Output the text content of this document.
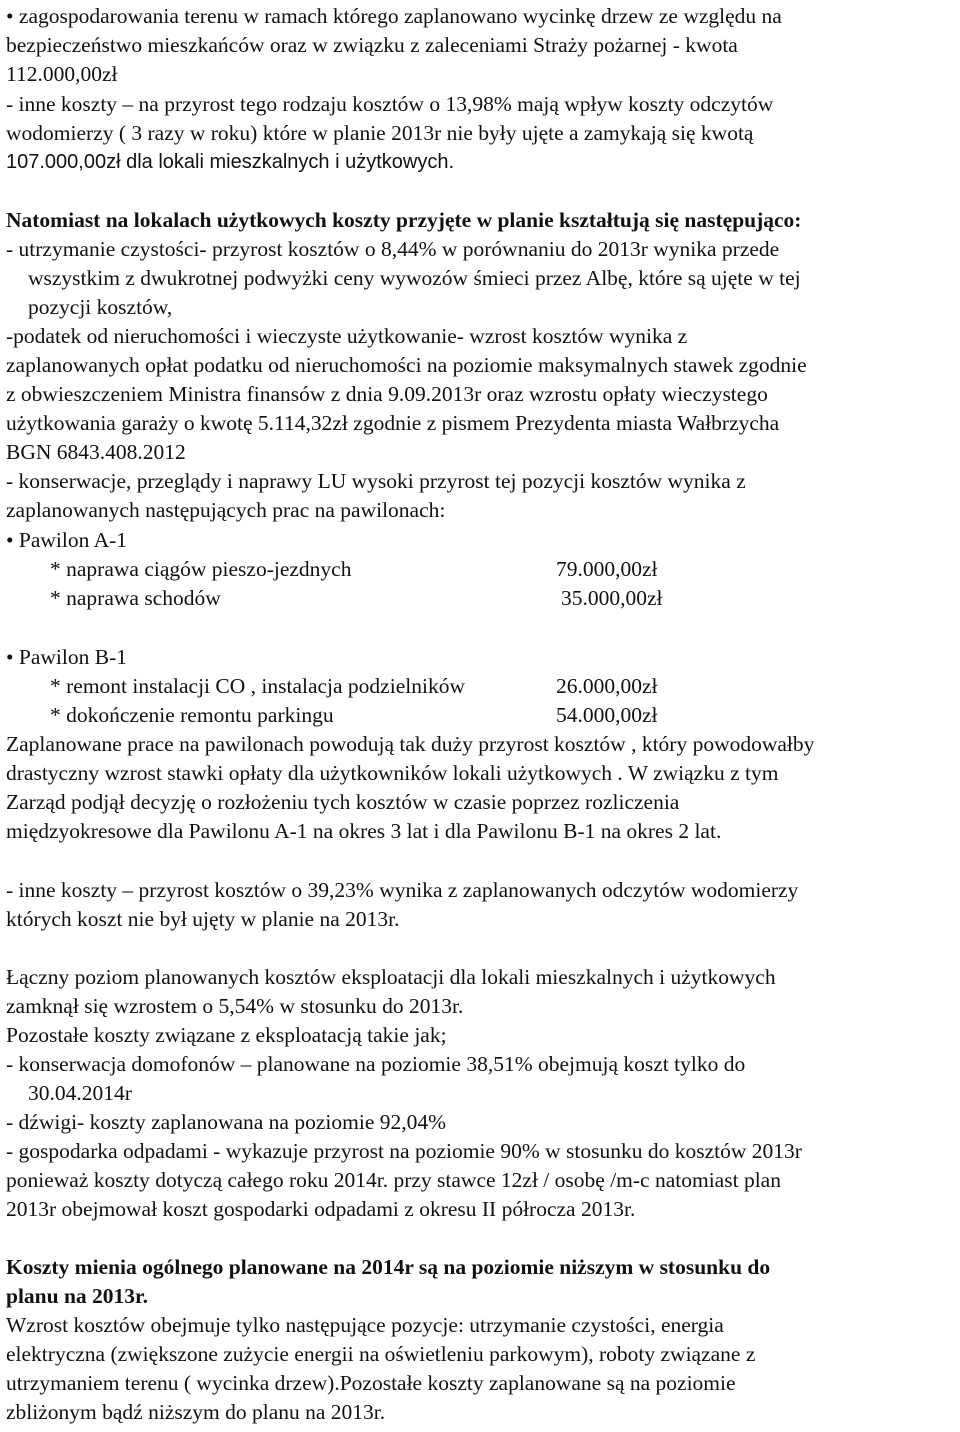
• zagospodarowania terenu w ramach którego zaplanowano wycinkę drzew ze względu na
bezpieczeństwo mieszkańców oraz w związku z zaleceniami Straży pożarnej - kwota
112.000,00zł
- inne koszty – na przyrost tego rodzaju kosztów o 13,98% mają wpływ koszty odczytów
wodomierzy ( 3 razy w roku) które w planie 2013r nie były ujęte a zamykają się kwotą
107.000,00zł dla lokali mieszkalnych i użytkowych.
Natomiast na lokalach użytkowych koszty przyjęte w planie kształtują się następująco:
- utrzymanie czystości- przyrost kosztów o 8,44% w porównaniu do 2013r wynika przede
wszystkim z dwukrotnej podwyżki ceny wywozów śmieci przez Albę, które są ujęte w tej
pozycji kosztów,
-podatek od nieruchomości i wieczyste użytkowanie- wzrost kosztów wynika z
zaplanowanych opłat podatku od nieruchomości na poziomie maksymalnych stawek zgodnie
z obwieszczeniem Ministra finansów z dnia 9.09.2013r oraz wzrostu opłaty wieczystego
użytkowania garaży o kwotę 5.114,32zł zgodnie z pismem Prezydenta miasta Wałbrzycha
BGN 6843.408.2012
- konserwacje, przeglądy i naprawy LU wysoki przyrost tej pozycji kosztów wynika z
zaplanowanych następujących prac na pawilonach:
• Pawilon A-1
* naprawa ciągów pieszo-jezdnych	79.000,00zł
* naprawa schodów	35.000,00zł
• Pawilon B-1
* remont instalacji CO , instalacja podzielników	26.000,00zł
* dokończenie remontu parkingu	54.000,00zł
Zaplanowane prace na pawilonach powodują tak duży przyrost kosztów , który powodowałby
drastyczny wzrost stawki opłaty dla użytkowników lokali użytkowych . W związku z tym
Zarząd podjął decyzję o rozłożeniu tych kosztów w czasie poprzez rozliczenia
międzyokresowe dla Pawilonu A-1 na okres 3 lat i dla Pawilonu B-1 na okres 2 lat.
- inne koszty – przyrost kosztów o 39,23% wynika z zaplanowanych odczytów wodomierzy
których koszt nie był ujęty w planie na 2013r.
Łączny poziom planowanych kosztów eksploatacji dla lokali mieszkalnych i użytkowych
zamknął się wzrostem o 5,54% w stosunku do 2013r.
Pozostałe koszty związane z eksploatacją takie jak;
- konserwacja domofonów – planowane na poziomie 38,51% obejmują koszt tylko do
30.04.2014r
- dźwigi- koszty zaplanowana na poziomie 92,04%
- gospodarka odpadami - wykazuje przyrost na poziomie 90% w stosunku do kosztów 2013r
ponieważ koszty dotyczą całego roku 2014r. przy stawce 12zł / osobę /m-c natomiast plan
2013r obejmował koszt gospodarki odpadami z okresu II półrocza 2013r.
Koszty mienia ogólnego planowane na 2014r są na poziomie niższym w stosunku do
planu na 2013r.
Wzrost kosztów obejmuje tylko następujące pozycje: utrzymanie czystości, energia
elektryczna (zwiększone zużycie energii na oświetleniu parkowym), roboty związane z
utrzymaniem terenu ( wycinka drzew).Pozostałe koszty zaplanowane są na poziomie
zbliżonym bądź niższym do planu na 2013r.
